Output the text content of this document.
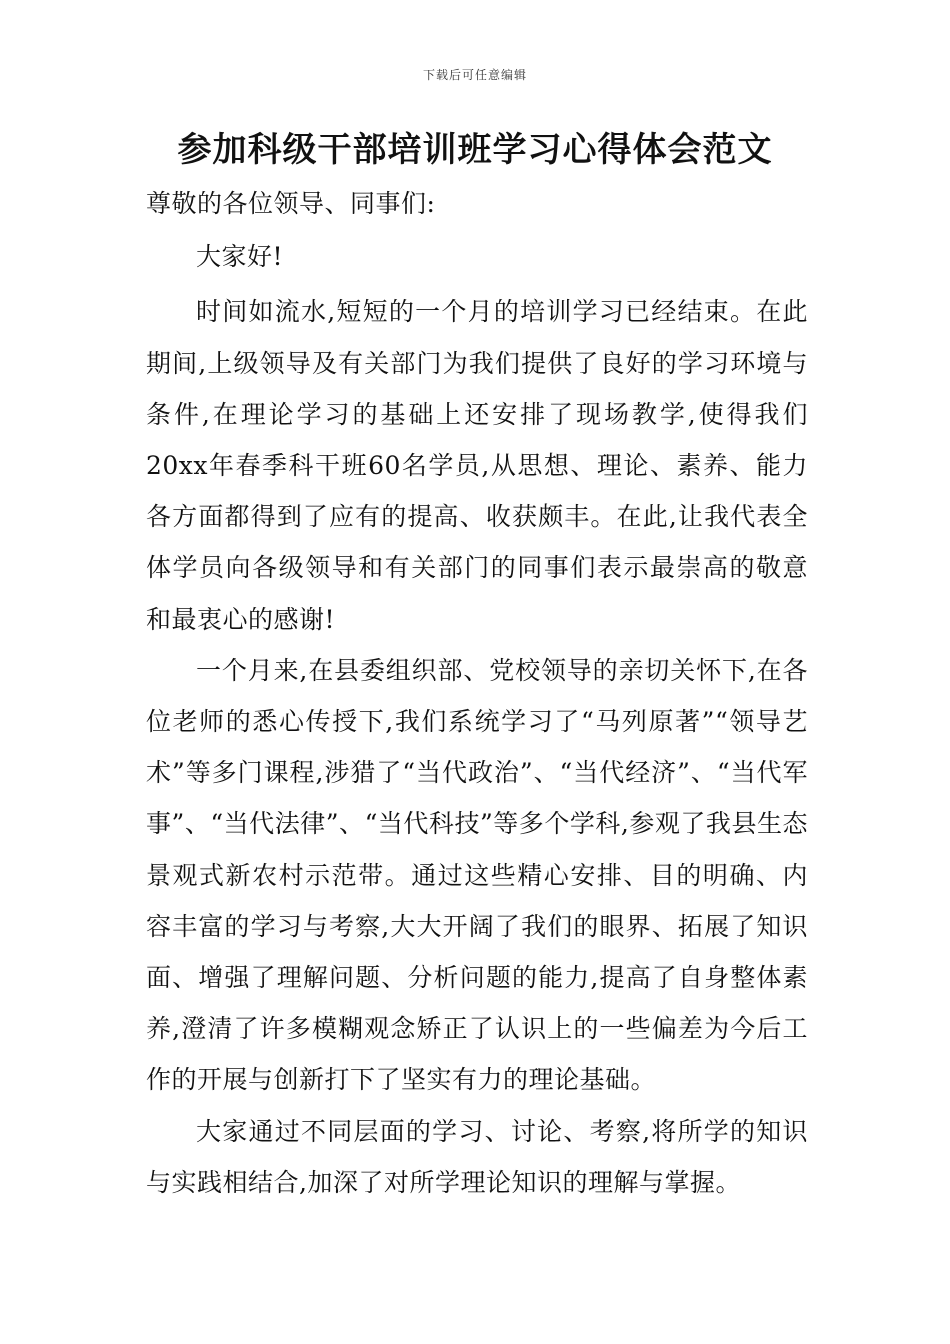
下载后可任意编辑
参加科级干部培训班学习心得体会范文

尊敬的各位领导、同事们:

大家好!

时间如流水,短短的一个月的培训学习已经结束。在此期间,上级领导及有关部门为我们提供了良好的学习环境与条件,在理论学习的基础上还安排了现场教学,使得我们20xx年春季科干班60名学员,从思想、理论、素养、能力各方面都得到了应有的提高、收获颇丰。在此,让我代表全体学员向各级领导和有关部门的同事们表示最崇高的敬意和最衷心的感谢!

一个月来,在县委组织部、党校领导的亲切关怀下,在各位老师的悉心传授下,我们系统学习了“马列原著”“领导艺术”等多门课程,涉猎了“当代政治”、“当代经济”、“当代军事”、“当代法律”、“当代科技”等多个学科,参观了我县生态景观式新农村示范带。通过这些精心安排、目的明确、内容丰富的学习与考察,大大开阔了我们的眼界、拓展了知识面、增强了理解问题、分析问题的能力,提高了自身整体素养,澄清了许多模糊观念矫正了认识上的一些偏差为今后工作的开展与创新打下了坚实有力的理论基础。

大家通过不同层面的学习、讨论、考察,将所学的知识与实践相结合,加深了对所学理论知识的理解与掌握。
